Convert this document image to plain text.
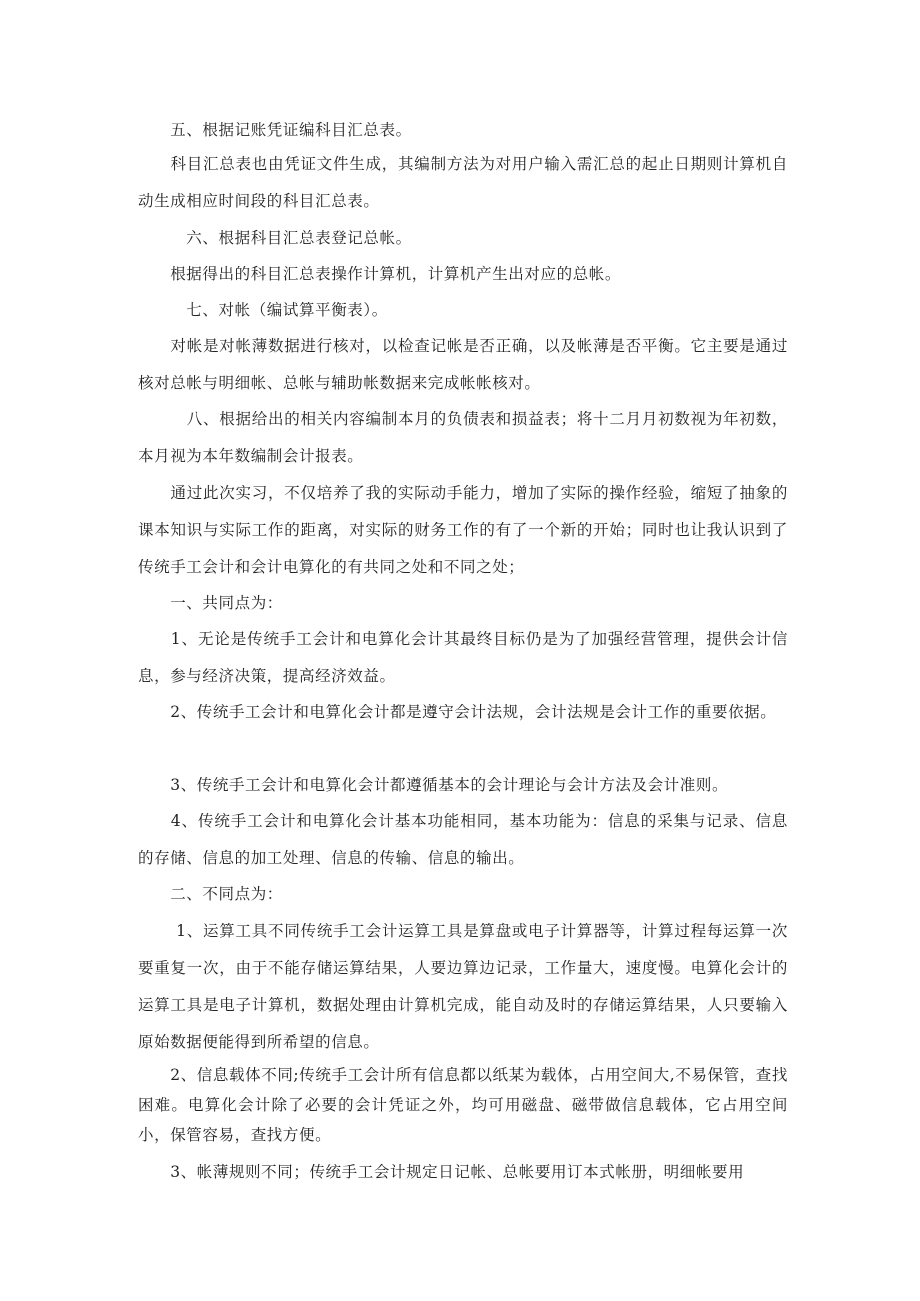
　　五、根据记账凭证编科目汇总表。

　　科目汇总表也由凭证文件生成，其编制方法为对用户输入需汇总的起止日期则计算机自动生成相应时间段的科目汇总表。

　　　六、根据科目汇总表登记总帐。

　　根据得出的科目汇总表操作计算机，计算机产生出对应的总帐。

　　　七、对帐（编试算平衡表）。

　　对帐是对帐薄数据进行核对，以检查记帐是否正确，以及帐薄是否平衡。它主要是通过核对总帐与明细帐、总帐与辅助帐数据来完成帐帐核对。

　　　八、根据给出的相关内容编制本月的负债表和损益表；将十二月月初数视为年初数，本月视为本年数编制会计报表。

　　通过此次实习，不仅培养了我的实际动手能力，增加了实际的操作经验，缩短了抽象的课本知识与实际工作的距离，对实际的财务工作的有了一个新的开始；同时也让我认识到了传统手工会计和会计电算化的有共同之处和不同之处；

　　一、共同点为：

　　1、无论是传统手工会计和电算化会计其最终目标仍是为了加强经营管理，提供会计信息，参与经济决策，提高经济效益。

　　2、传统手工会计和电算化会计都是遵守会计法规，会计法规是会计工作的重要依据。

　　3、传统手工会计和电算化会计都遵循基本的会计理论与会计方法及会计准则。

　　4、传统手工会计和电算化会计基本功能相同，基本功能为：信息的采集与记录、信息的存储、信息的加工处理、信息的传输、信息的输出。

　　二、不同点为：

　　 1、运算工具不同传统手工会计运算工具是算盘或电子计算器等，计算过程每运算一次要重复一次，由于不能存储运算结果，人要边算边记录，工作量大，速度慢。电算化会计的运算工具是电子计算机，数据处理由计算机完成，能自动及时的存储运算结果，人只要输入原始数据便能得到所希望的信息。

　　2、信息载体不同;传统手工会计所有信息都以纸某为载体，占用空间大,不易保管，查找困难。电算化会计除了必要的会计凭证之外，均可用磁盘、磁带做信息载体，它占用空间小，保管容易，查找方便。

　　3、帐薄规则不同；传统手工会计规定日记帐、总帐要用订本式帐册，明细帐要用
